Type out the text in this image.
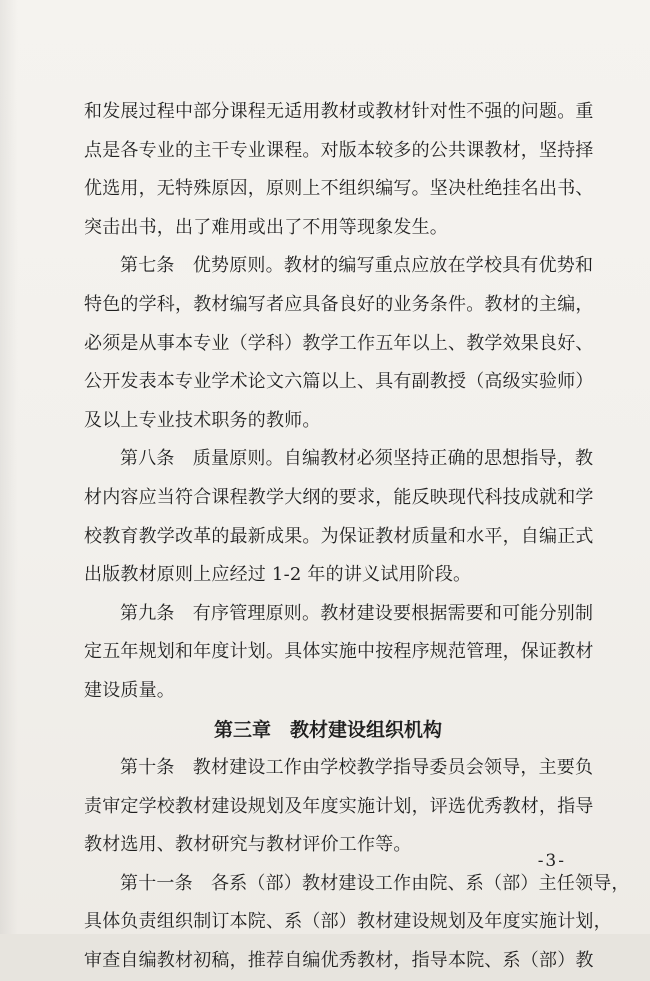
和发展过程中部分课程无适用教材或教材针对性不强的问题。重
点是各专业的主干专业课程。对版本较多的公共课教材，坚持择
优选用，无特殊原因，原则上不组织编写。坚决杜绝挂名出书、
突击出书，出了难用或出了不用等现象发生。
第七条　优势原则。教材的编写重点应放在学校具有优势和
特色的学科，教材编写者应具备良好的业务条件。教材的主编，
必须是从事本专业（学科）教学工作五年以上、教学效果良好、
公开发表本专业学术论文六篇以上、具有副教授（高级实验师）
及以上专业技术职务的教师。
第八条　质量原则。自编教材必须坚持正确的思想指导，教
材内容应当符合课程教学大纲的要求，能反映现代科技成就和学
校教育教学改革的最新成果。为保证教材质量和水平，自编正式
出版教材原则上应经过 1-2 年的讲义试用阶段。
第九条　有序管理原则。教材建设要根据需要和可能分别制
定五年规划和年度计划。具体实施中按程序规范管理，保证教材
建设质量。
第三章　教材建设组织机构
第十条　教材建设工作由学校教学指导委员会领导，主要负
责审定学校教材建设规划及年度实施计划，评选优秀教材，指导
教材选用、教材研究与教材评价工作等。
第十一条　各系（部）教材建设工作由院、系（部）主任领导，
具体负责组织制订本院、系（部）教材建设规划及年度实施计划，
审查自编教材初稿，推荐自编优秀教材，指导本院、系（部）教
-3-
